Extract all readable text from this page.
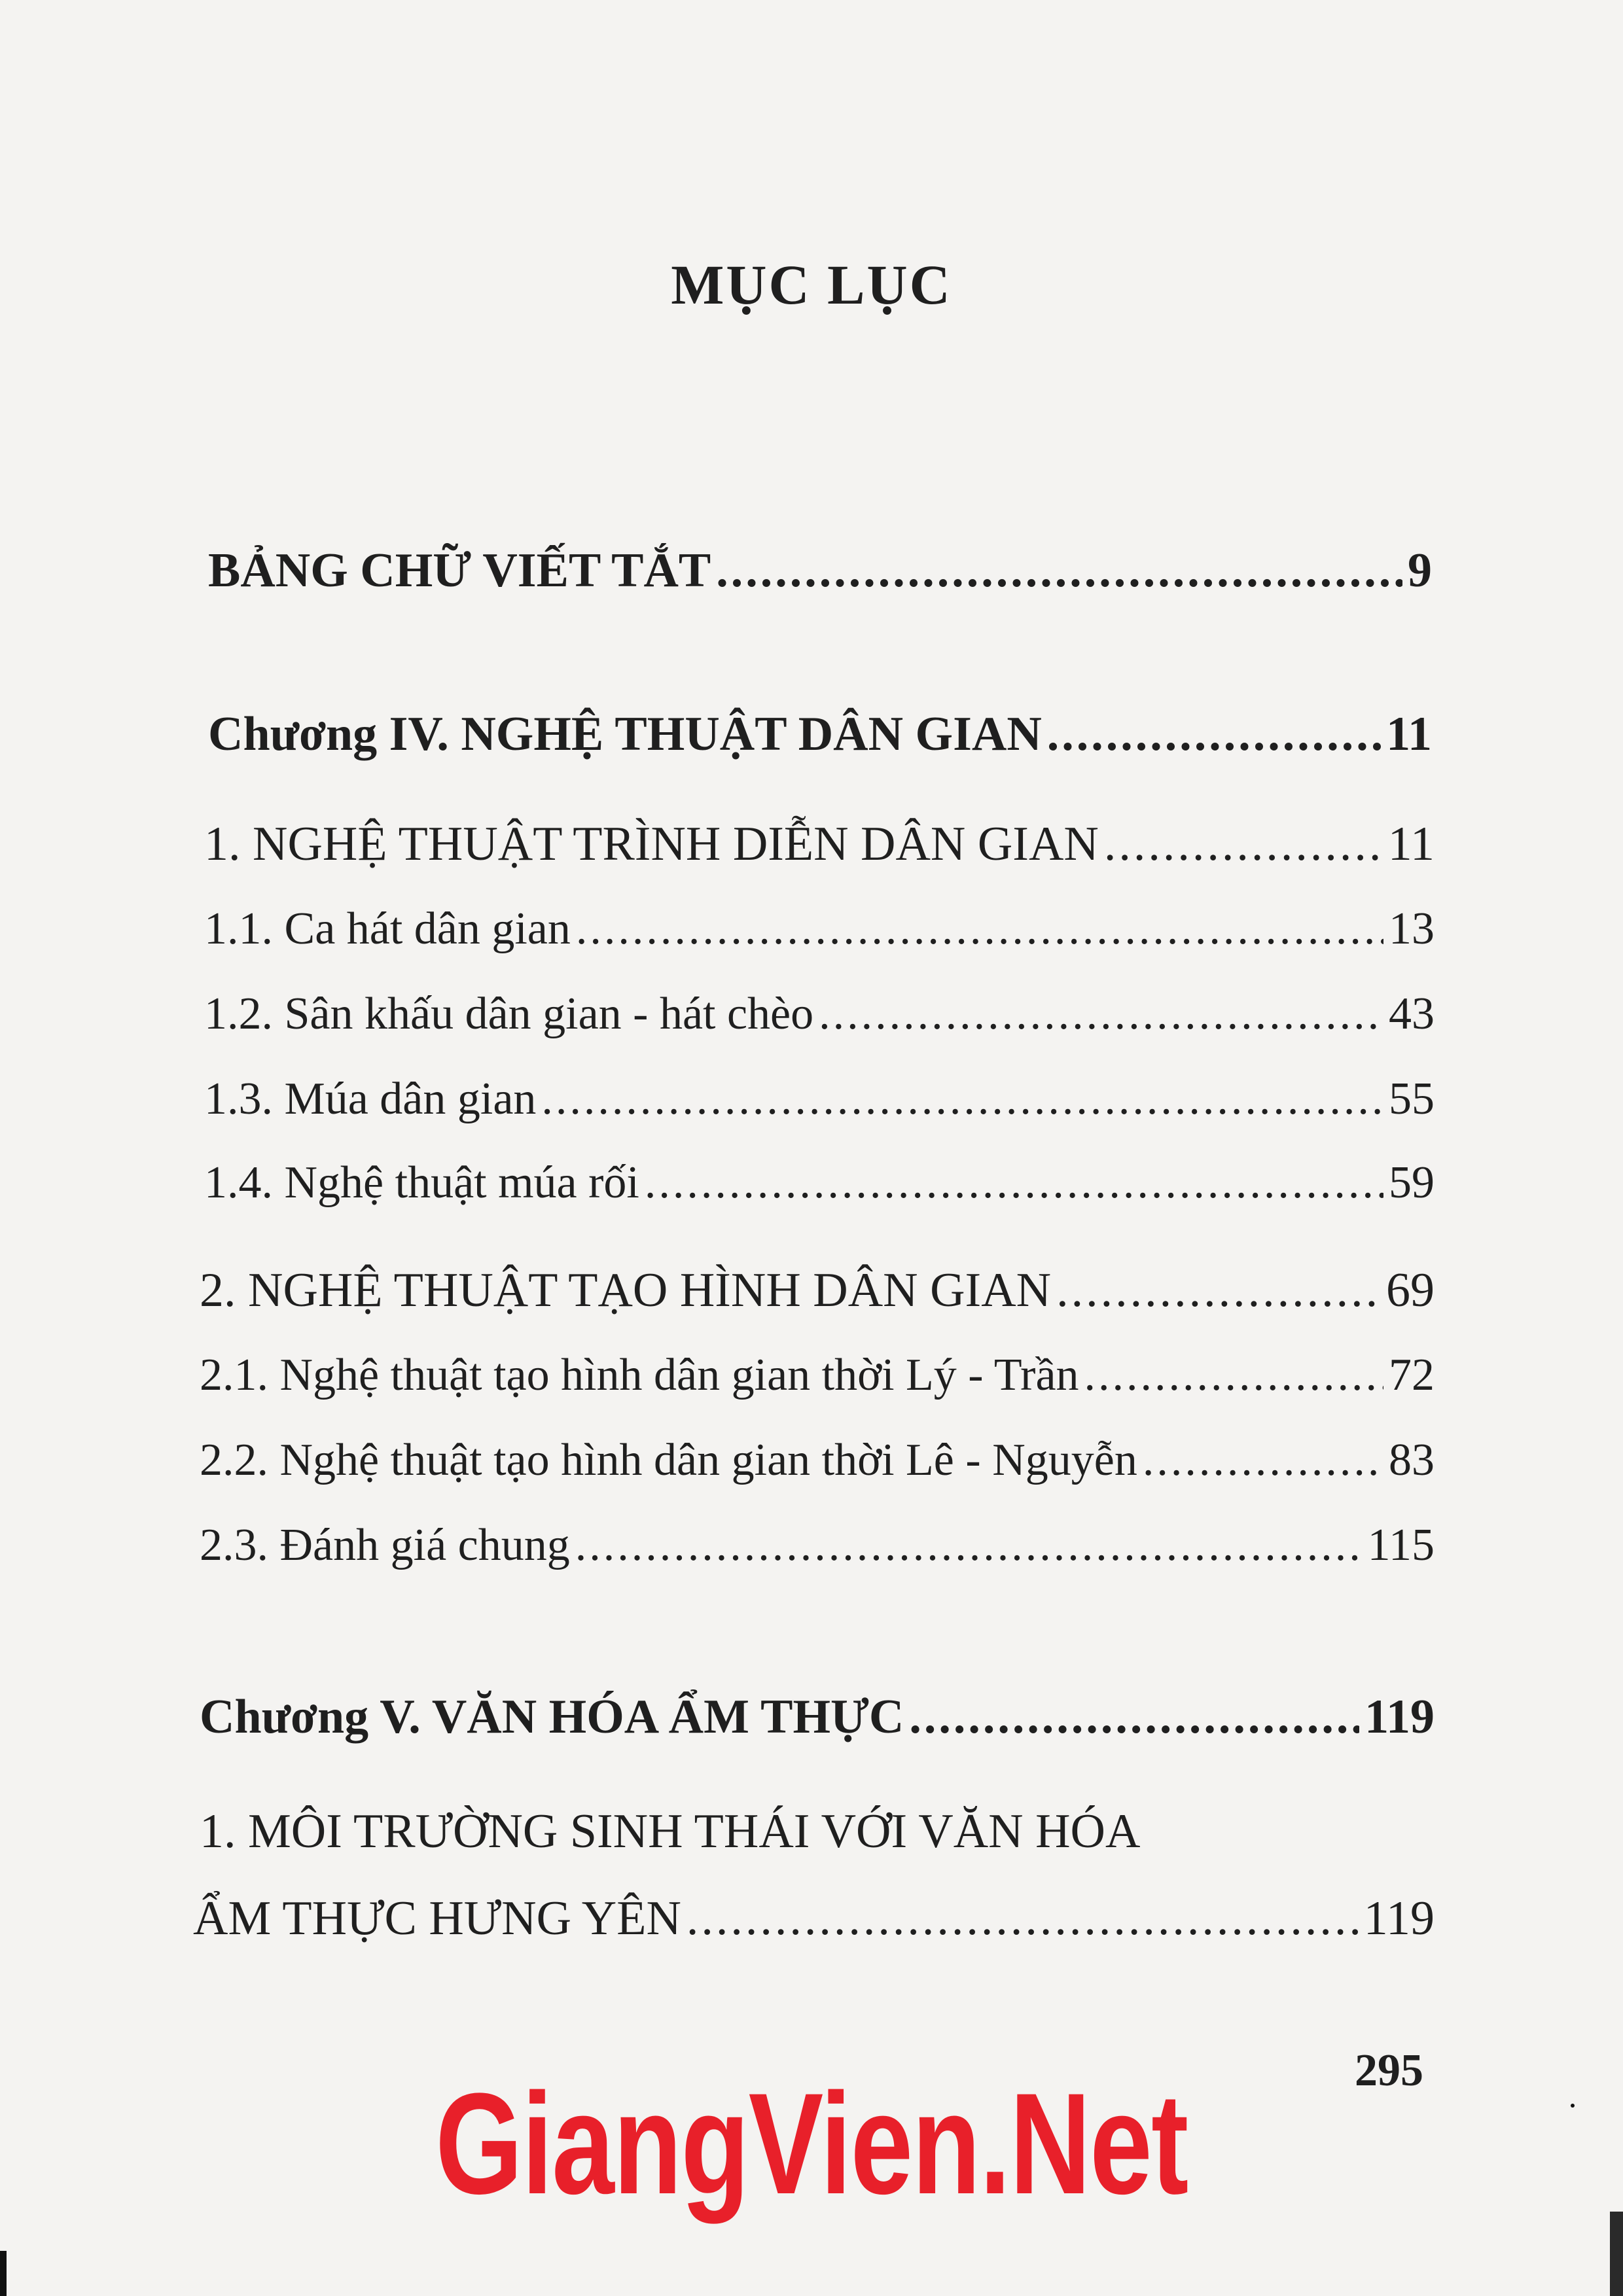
MỤC LỤC
BẢNG CHỮ VIẾT TẮT .....	9
Chương IV. NGHỆ THUẬT DÂN GIAN .....	11
1. NGHỆ THUẬT TRÌNH DIỄN DÂN GIAN .....	11
1.1. Ca hát dân gian .....	13
1.2. Sân khấu dân gian - hát chèo .....	43
1.3. Múa dân gian .....	55
1.4. Nghệ thuật múa rối .....	59
2. NGHỆ THUẬT TẠO HÌNH DÂN GIAN .....	69
2.1. Nghệ thuật tạo hình dân gian thời Lý - Trần .....	72
2.2. Nghệ thuật tạo hình dân gian thời Lê - Nguyễn .....	83
2.3. Đánh giá chung .....	115
Chương V. VĂN HÓA ẨM THỰC .....	119
1. MÔI TRƯỜNG SINH THÁI VỚI VĂN HÓA
ẨM THỰC HƯNG YÊN .....	119
295
GiangVien.Net
